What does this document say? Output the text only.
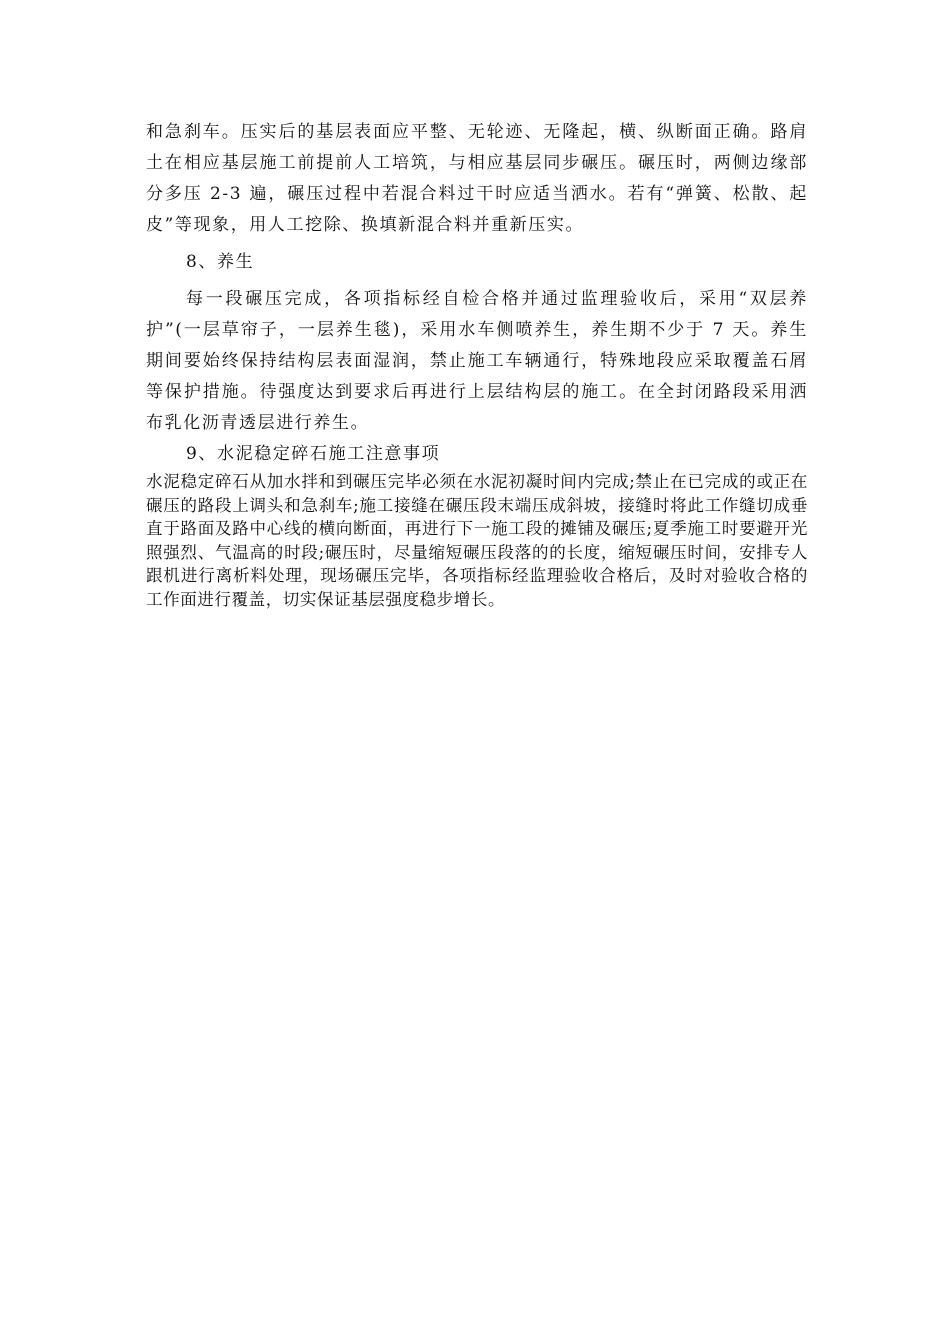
和急刹车。压实后的基层表面应平整、无轮迹、无隆起，横、纵断面正确。路肩土在相应基层施工前提前人工培筑，与相应基层同步碾压。碾压时，两侧边缘部分多压 2-3 遍，碾压过程中若混合料过干时应适当洒水。若有“弹簧、松散、起皮”等现象，用人工挖除、换填新混合料并重新压实。

8、养生

每一段碾压完成，各项指标经自检合格并通过监理验收后，采用“双层养护”(一层草帘子，一层养生毯)，采用水车侧喷养生，养生期不少于 7 天。养生期间要始终保持结构层表面湿润，禁止施工车辆通行，特殊地段应采取覆盖石屑等保护措施。待强度达到要求后再进行上层结构层的施工。在全封闭路段采用洒布乳化沥青透层进行养生。

9、水泥稳定碎石施工注意事项

水泥稳定碎石从加水拌和到碾压完毕必须在水泥初凝时间内完成;禁止在已完成的或正在碾压的路段上调头和急刹车;施工接缝在碾压段末端压成斜坡，接缝时将此工作缝切成垂直于路面及路中心线的横向断面，再进行下一施工段的摊铺及碾压;夏季施工时要避开光照强烈、气温高的时段;碾压时，尽量缩短碾压段落的的长度，缩短碾压时间，安排专人跟机进行离析料处理，现场碾压完毕，各项指标经监理验收合格后，及时对验收合格的工作面进行覆盖，切实保证基层强度稳步增长。
